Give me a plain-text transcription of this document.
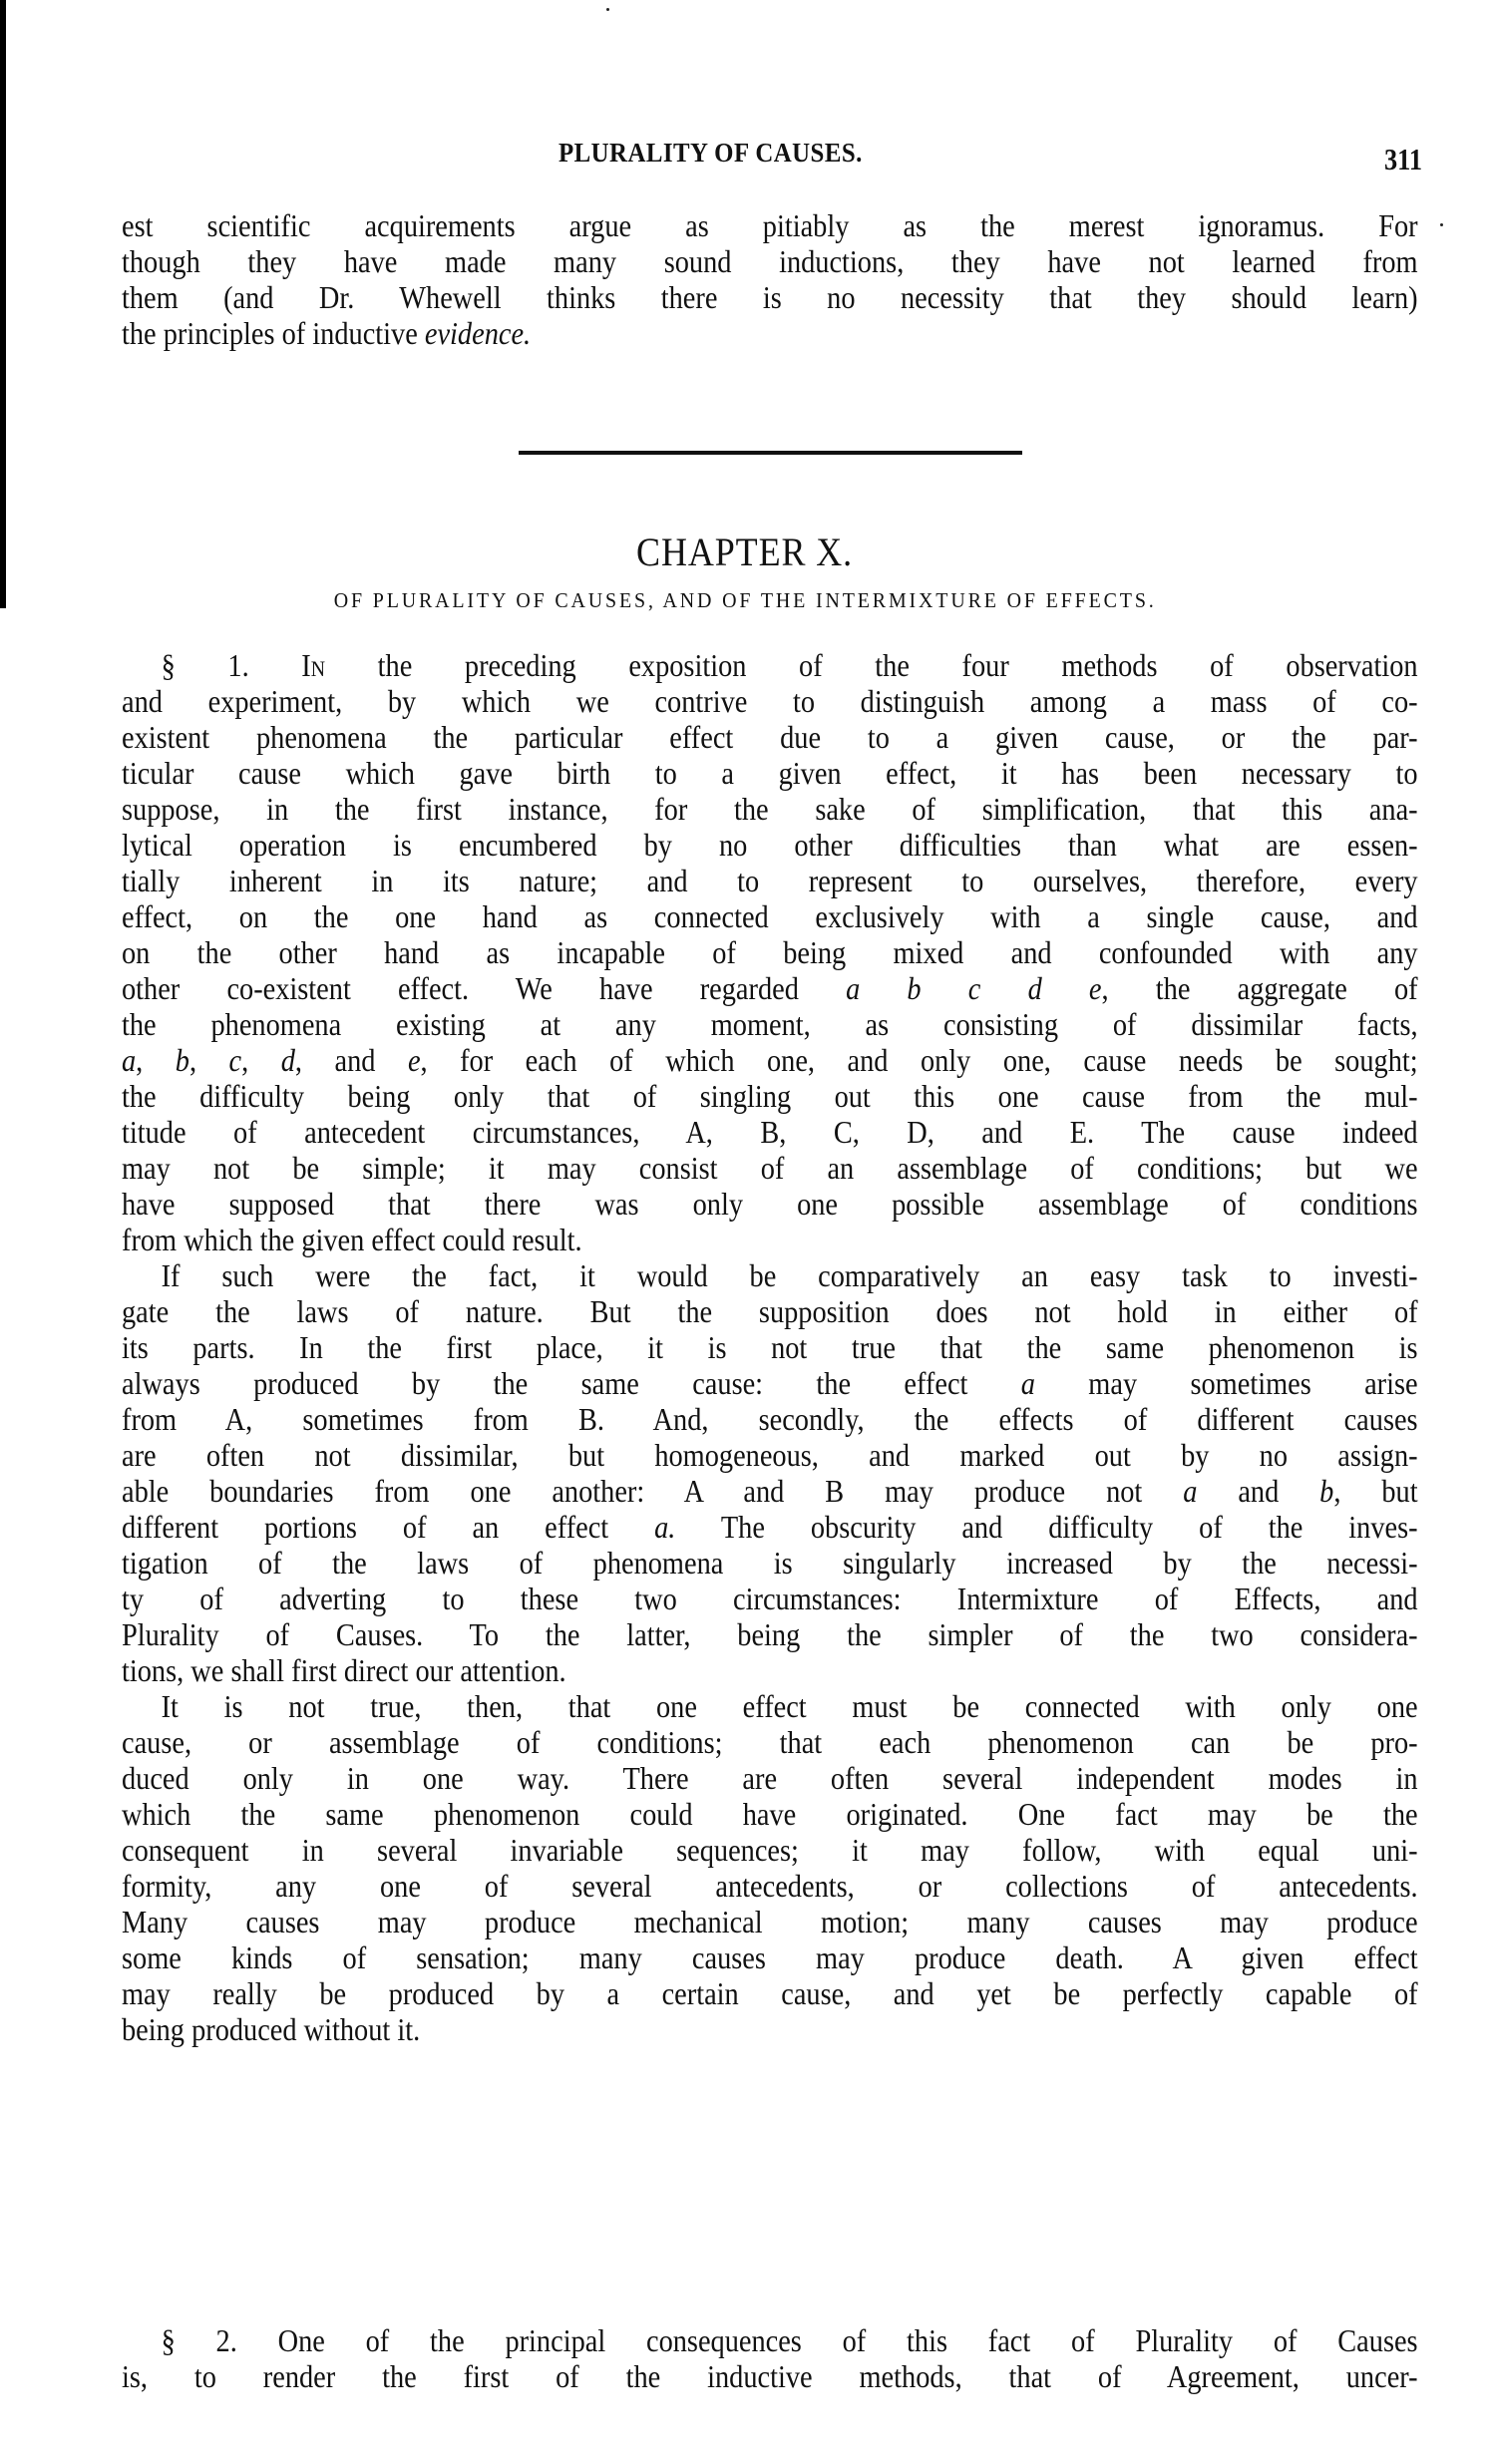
PLURALITY OF CAUSES.	311
est scientific acquirements argue as pitiably as the merest ignoramus. For
though they have made many sound inductions, they have not learned from
them (and Dr. Whewell thinks there is no necessity that they should learn)
the principles of inductive evidence.
CHAPTER X.
OF PLURALITY OF CAUSES, AND OF THE INTERMIXTURE OF EFFECTS.
§ 1. In the preceding exposition of the four methods of observation
and experiment, by which we contrive to distinguish among a mass of co-
existent phenomena the particular effect due to a given cause, or the par-
ticular cause which gave birth to a given effect, it has been necessary to
suppose, in the first instance, for the sake of simplification, that this ana-
lytical operation is encumbered by no other difficulties than what are essen-
tially inherent in its nature; and to represent to ourselves, therefore, every
effect, on the one hand as connected exclusively with a single cause, and
on the other hand as incapable of being mixed and confounded with any
other co-existent effect. We have regarded a b c d e, the aggregate of
the phenomena existing at any moment, as consisting of dissimilar facts,
a, b, c, d, and e, for each of which one, and only one, cause needs be sought;
the difficulty being only that of singling out this one cause from the mul-
titude of antecedent circumstances, A, B, C, D, and E. The cause indeed
may not be simple; it may consist of an assemblage of conditions; but we
have supposed that there was only one possible assemblage of conditions
from which the given effect could result.
If such were the fact, it would be comparatively an easy task to investi-
gate the laws of nature. But the supposition does not hold in either of
its parts. In the first place, it is not true that the same phenomenon is
always produced by the same cause: the effect a may sometimes arise
from A, sometimes from B. And, secondly, the effects of different causes
are often not dissimilar, but homogeneous, and marked out by no assign-
able boundaries from one another: A and B may produce not a and b, but
different portions of an effect a. The obscurity and difficulty of the inves-
tigation of the laws of phenomena is singularly increased by the necessi-
ty of adverting to these two circumstances: Intermixture of Effects, and
Plurality of Causes. To the latter, being the simpler of the two considera-
tions, we shall first direct our attention.
It is not true, then, that one effect must be connected with only one
cause, or assemblage of conditions; that each phenomenon can be pro-
duced only in one way. There are often several independent modes in
which the same phenomenon could have originated. One fact may be the
consequent in several invariable sequences; it may follow, with equal uni-
formity, any one of several antecedents, or collections of antecedents.
Many causes may produce mechanical motion; many causes may produce
some kinds of sensation; many causes may produce death. A given effect
may really be produced by a certain cause, and yet be perfectly capable of
being produced without it.
§ 2. One of the principal consequences of this fact of Plurality of Causes
is, to render the first of the inductive methods, that of Agreement, uncer-
